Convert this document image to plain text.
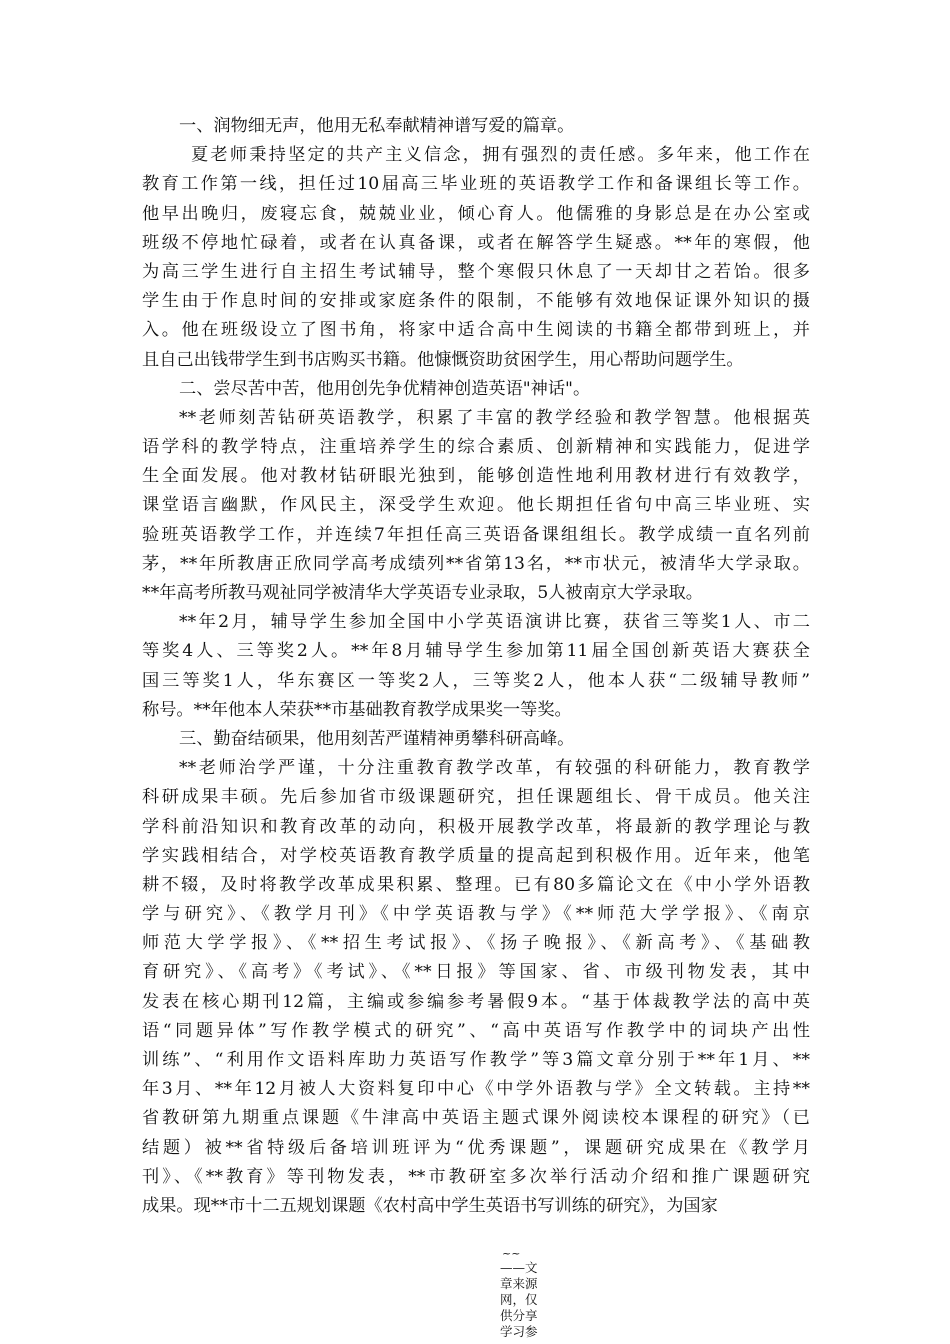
一、润物细无声，他用无私奉献精神谱写爱的篇章。
夏老师秉持坚定的共产主义信念，拥有强烈的责任感。多年来，他工作在
教育工作第一线，担任过10届高三毕业班的英语教学工作和备课组长等工作。
他早出晚归，废寝忘食，兢兢业业，倾心育人。他儒雅的身影总是在办公室或
班级不停地忙碌着，或者在认真备课，或者在解答学生疑惑。**年的寒假，他
为高三学生进行自主招生考试辅导，整个寒假只休息了一天却甘之若饴。很多
学生由于作息时间的安排或家庭条件的限制，不能够有效地保证课外知识的摄
入。他在班级设立了图书角，将家中适合高中生阅读的书籍全都带到班上，并
且自己出钱带学生到书店购买书籍。他慷慨资助贫困学生，用心帮助问题学生。
二、尝尽苦中苦，他用创先争优精神创造英语"神话"。
**老师刻苦钻研英语教学，积累了丰富的教学经验和教学智慧。他根据英
语学科的教学特点，注重培养学生的综合素质、创新精神和实践能力，促进学
生全面发展。他对教材钻研眼光独到，能够创造性地利用教材进行有效教学，
课堂语言幽默，作风民主，深受学生欢迎。他长期担任省句中高三毕业班、实
验班英语教学工作，并连续7年担任高三英语备课组组长。教学成绩一直名列前
茅，**年所教唐正欣同学高考成绩列**省第13名，**市状元，被清华大学录取。
**年高考所教马观祉同学被清华大学英语专业录取，5人被南京大学录取。
**年2月，辅导学生参加全国中小学英语演讲比赛，获省三等奖1人、市二
等奖4人、三等奖2人。**年8月辅导学生参加第11届全国创新英语大赛获全
国三等奖1人，华东赛区一等奖2人，三等奖2人，他本人获“二级辅导教师”
称号。**年他本人荣获**市基础教育教学成果奖一等奖。
三、勤奋结硕果，他用刻苦严谨精神勇攀科研高峰。
**老师治学严谨，十分注重教育教学改革，有较强的科研能力，教育教学
科研成果丰硕。先后参加省市级课题研究，担任课题组长、骨干成员。他关注
学科前沿知识和教育改革的动向，积极开展教学改革，将最新的教学理论与教
学实践相结合，对学校英语教育教学质量的提高起到积极作用。近年来，他笔
耕不辍，及时将教学改革成果积累、整理。已有80多篇论文在《中小学外语教
学与研究》、《教学月刊》《中学英语教与学》《**师范大学学报》、《南京
师范大学学报》、《**招生考试报》、《扬子晚报》、《新高考》、《基础教
育研究》、《高考》《考试》、《**日报》等国家、省、市级刊物发表，其中
发表在核心期刊12篇，主编或参编参考暑假9本。“基于体裁教学法的高中英
语“同题异体”写作教学模式的研究”、“高中英语写作教学中的词块产出性
训练”、“利用作文语料库助力英语写作教学”等3篇文章分别于**年1月、**
年3月、**年12月被人大资料复印中心《中学外语教与学》全文转载。主持**
省教研第九期重点课题《牛津高中英语主题式课外阅读校本课程的研究》（已
结题）被**省特级后备培训班评为“优秀课题”，课题研究成果在《教学月
刊》、《**教育》等刊物发表，**市教研室多次举行活动介绍和推广课题研究
成果。现**市十二五规划课题《农村高中学生英语书写训练的研究》，为国家
~~
——文章来源网，仅供分享学习参
